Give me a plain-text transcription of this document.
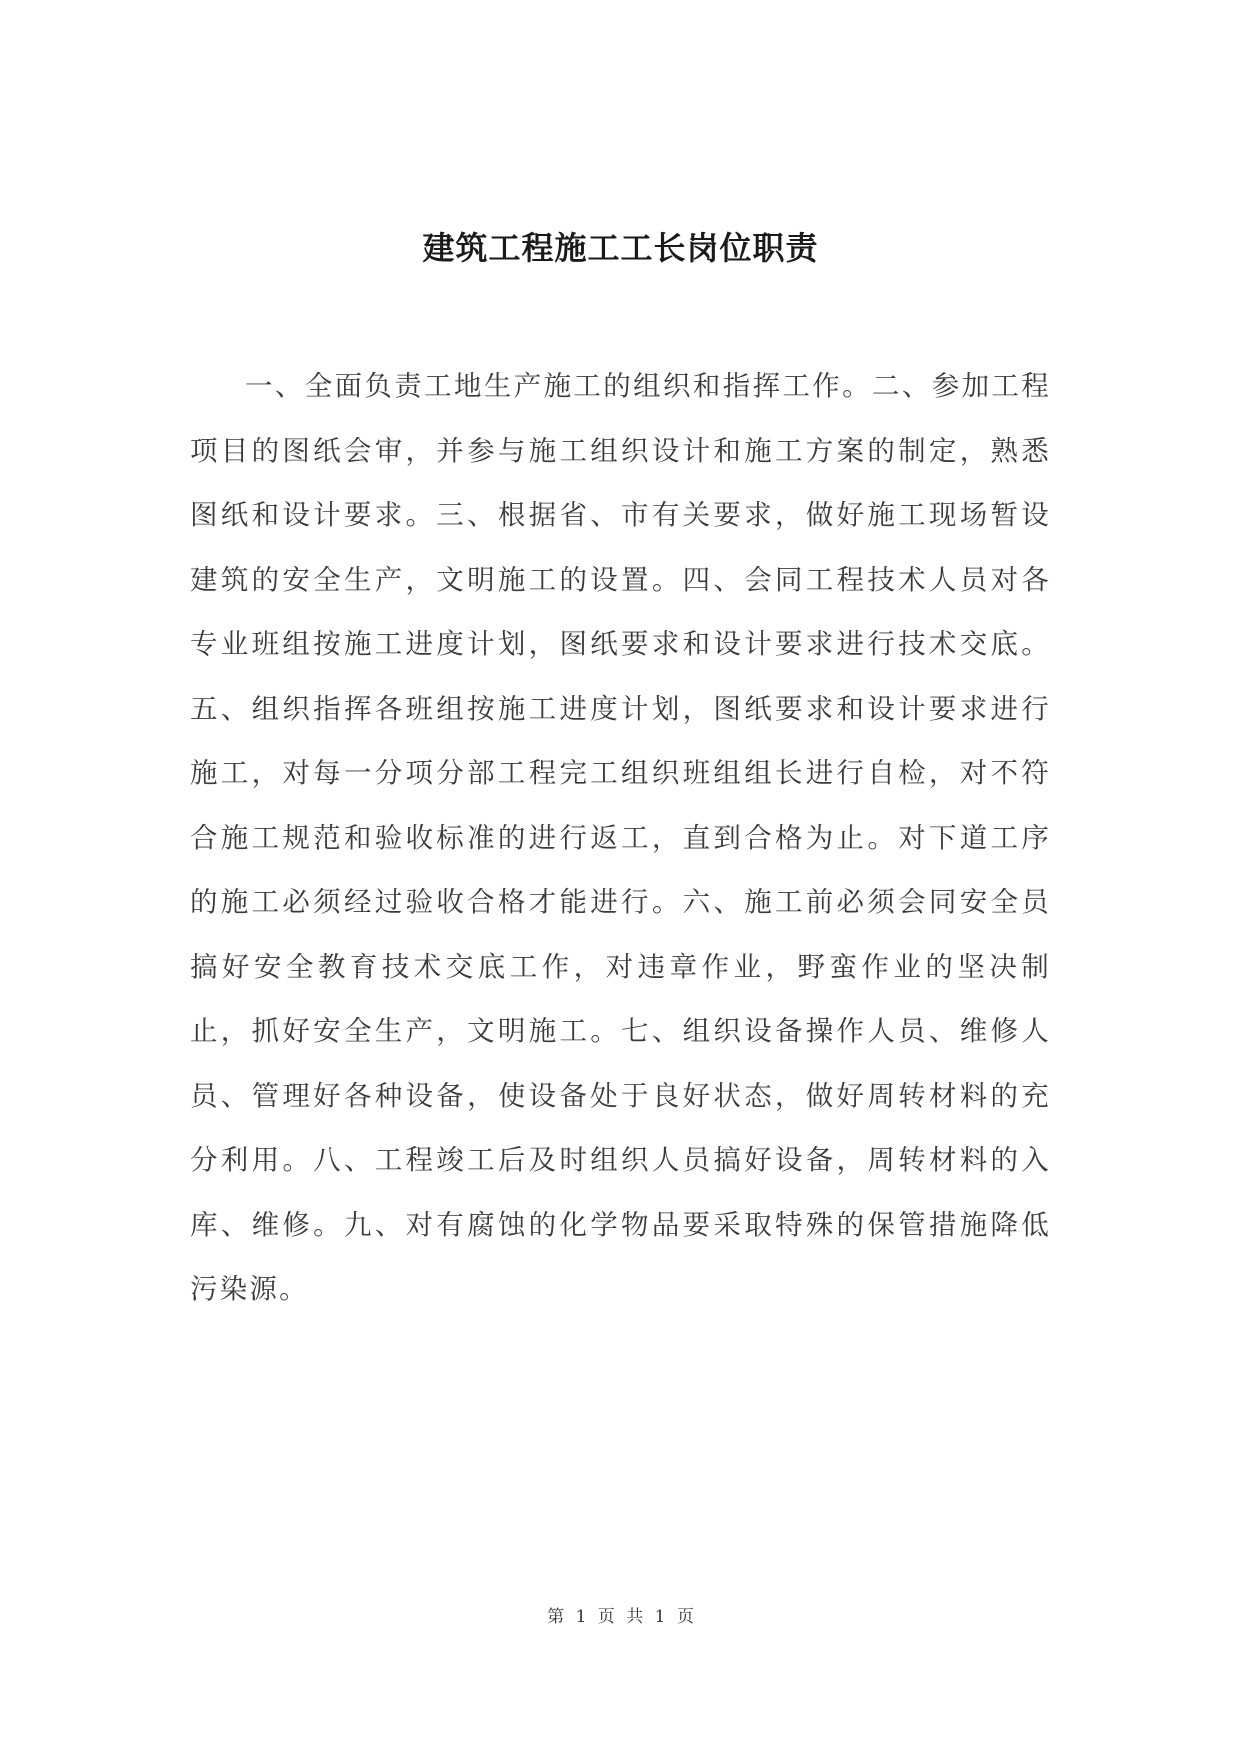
建筑工程施工工长岗位职责

一、全面负责工地生产施工的组织和指挥工作。二、参加工程项目的图纸会审，并参与施工组织设计和施工方案的制定，熟悉图纸和设计要求。三、根据省、市有关要求，做好施工现场暂设建筑的安全生产，文明施工的设置。四、会同工程技术人员对各专业班组按施工进度计划，图纸要求和设计要求进行技术交底。五、组织指挥各班组按施工进度计划，图纸要求和设计要求进行施工，对每一分项分部工程完工组织班组组长进行自检，对不符合施工规范和验收标准的进行返工，直到合格为止。对下道工序的施工必须经过验收合格才能进行。六、施工前必须会同安全员搞好安全教育技术交底工作，对违章作业，野蛮作业的坚决制止，抓好安全生产，文明施工。七、组织设备操作人员、维修人员、管理好各种设备，使设备处于良好状态，做好周转材料的充分利用。八、工程竣工后及时组织人员搞好设备，周转材料的入库、维修。九、对有腐蚀的化学物品要采取特殊的保管措施降低污染源。

第 1 页 共 1 页
